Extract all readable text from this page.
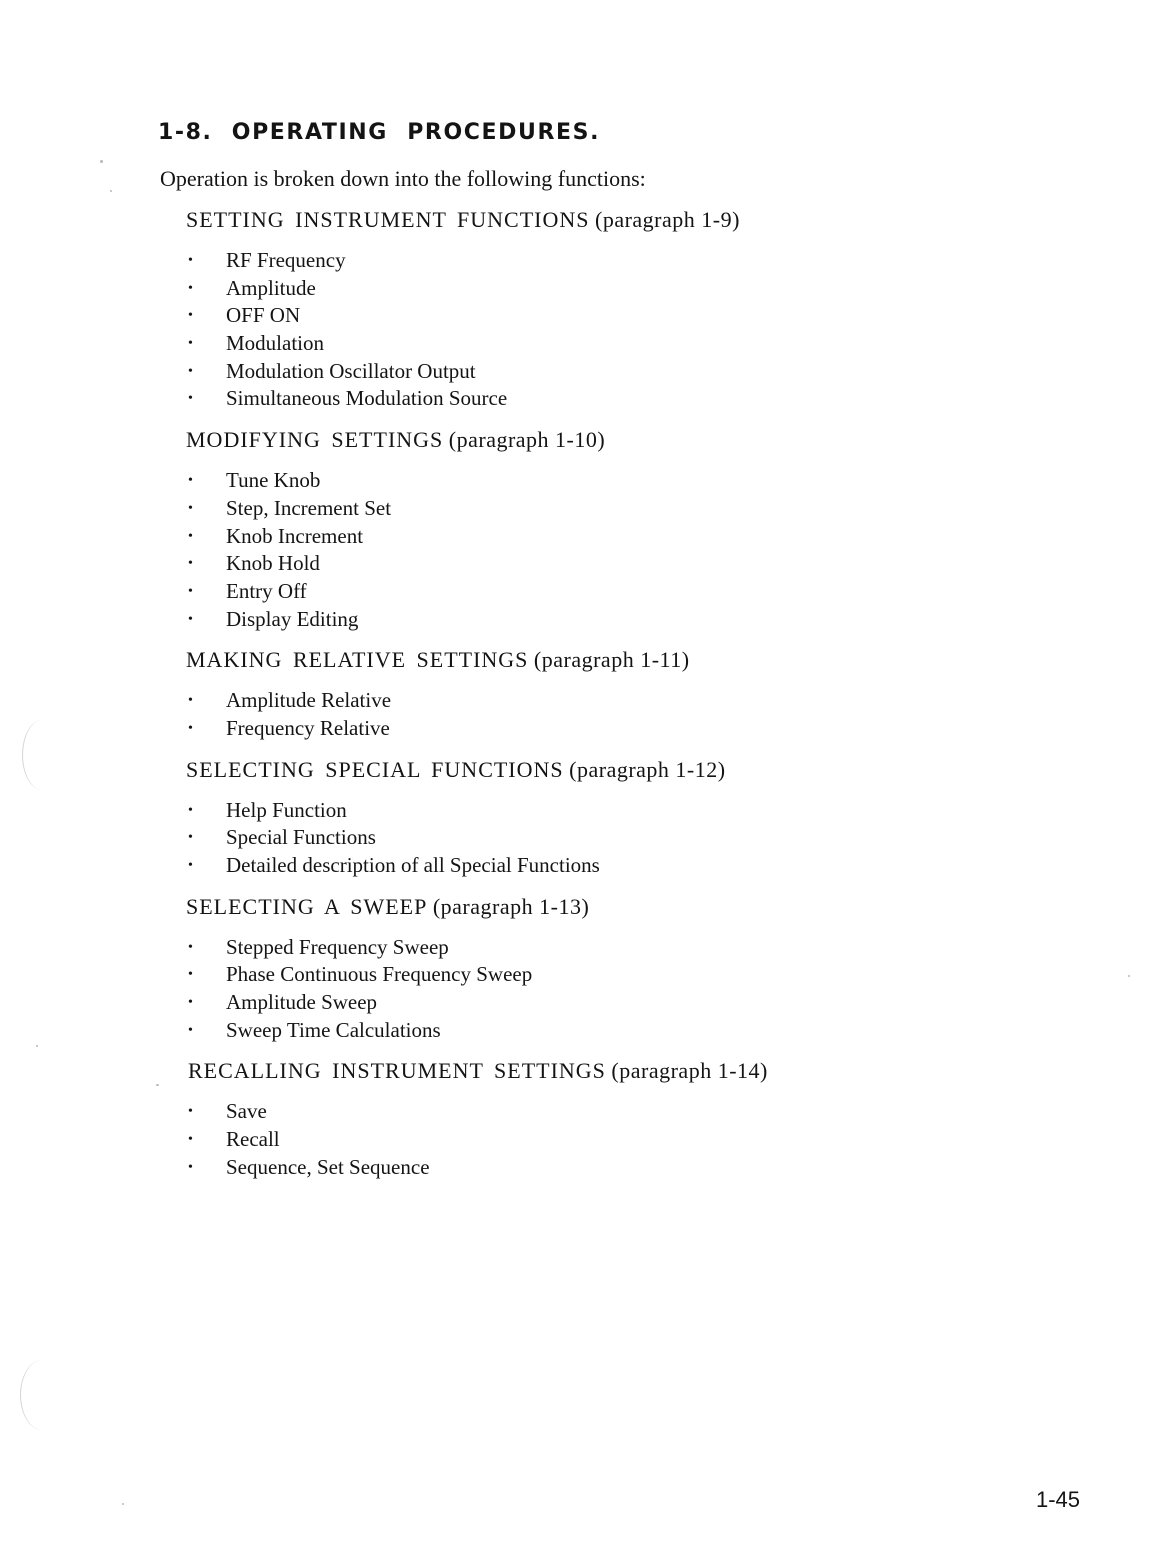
1-8. OPERATING PROCEDURES.
Operation is broken down into the following functions:
SETTING INSTRUMENT FUNCTIONS (paragraph 1-9)
• RF Frequency
• Amplitude
• OFF ON
• Modulation
• Modulation Oscillator Output
• Simultaneous Modulation Source
MODIFYING SETTINGS (paragraph 1-10)
• Tune Knob
• Step, Increment Set
• Knob Increment
• Knob Hold
• Entry Off
• Display Editing
MAKING RELATIVE SETTINGS (paragraph 1-11)
• Amplitude Relative
• Frequency Relative
SELECTING SPECIAL FUNCTIONS (paragraph 1-12)
• Help Function
• Special Functions
• Detailed description of all Special Functions
SELECTING A SWEEP (paragraph 1-13)
• Stepped Frequency Sweep
• Phase Continuous Frequency Sweep
• Amplitude Sweep
• Sweep Time Calculations
RECALLING INSTRUMENT SETTINGS (paragraph 1-14)
• Save
• Recall
• Sequence, Set Sequence
1-45
